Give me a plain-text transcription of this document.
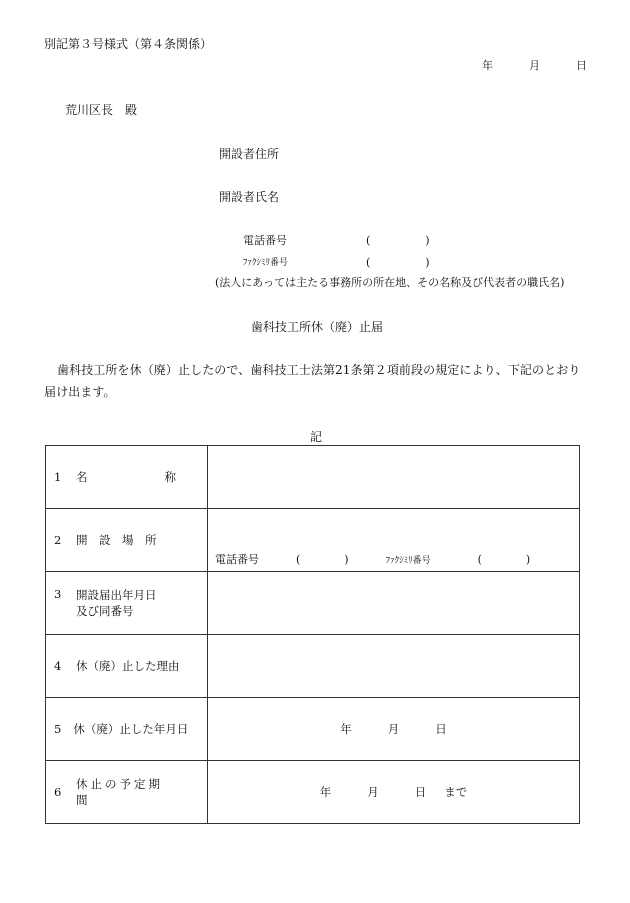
別記第３号様式（第４条関係）
年	月	日
荒川区長　殿
開設者住所
開設者氏名
電話番号	(　　　　　)
ﾌｧｸｼﾐﾘ番号	(　　　　　)
(法人にあっては主たる事務所の所在地、その名称及び代表者の職氏名)
歯科技工所休（廃）止届
歯科技工所を休（廃）止したので、歯科技工士法第21条第２項前段の規定により、下記のとおり届け出ます。
記
1 名 称	

2 開　設　場　所	電話番号 (　　　　) ﾌｧｸｼﾐﾘ番号 (　　　　)

3 開設届出年月日
及び同番号	

4 休（廃）止した理由	

5 休（廃）止した年月日	年 月 日

6
休止の予定期間	年 月 日 まで
